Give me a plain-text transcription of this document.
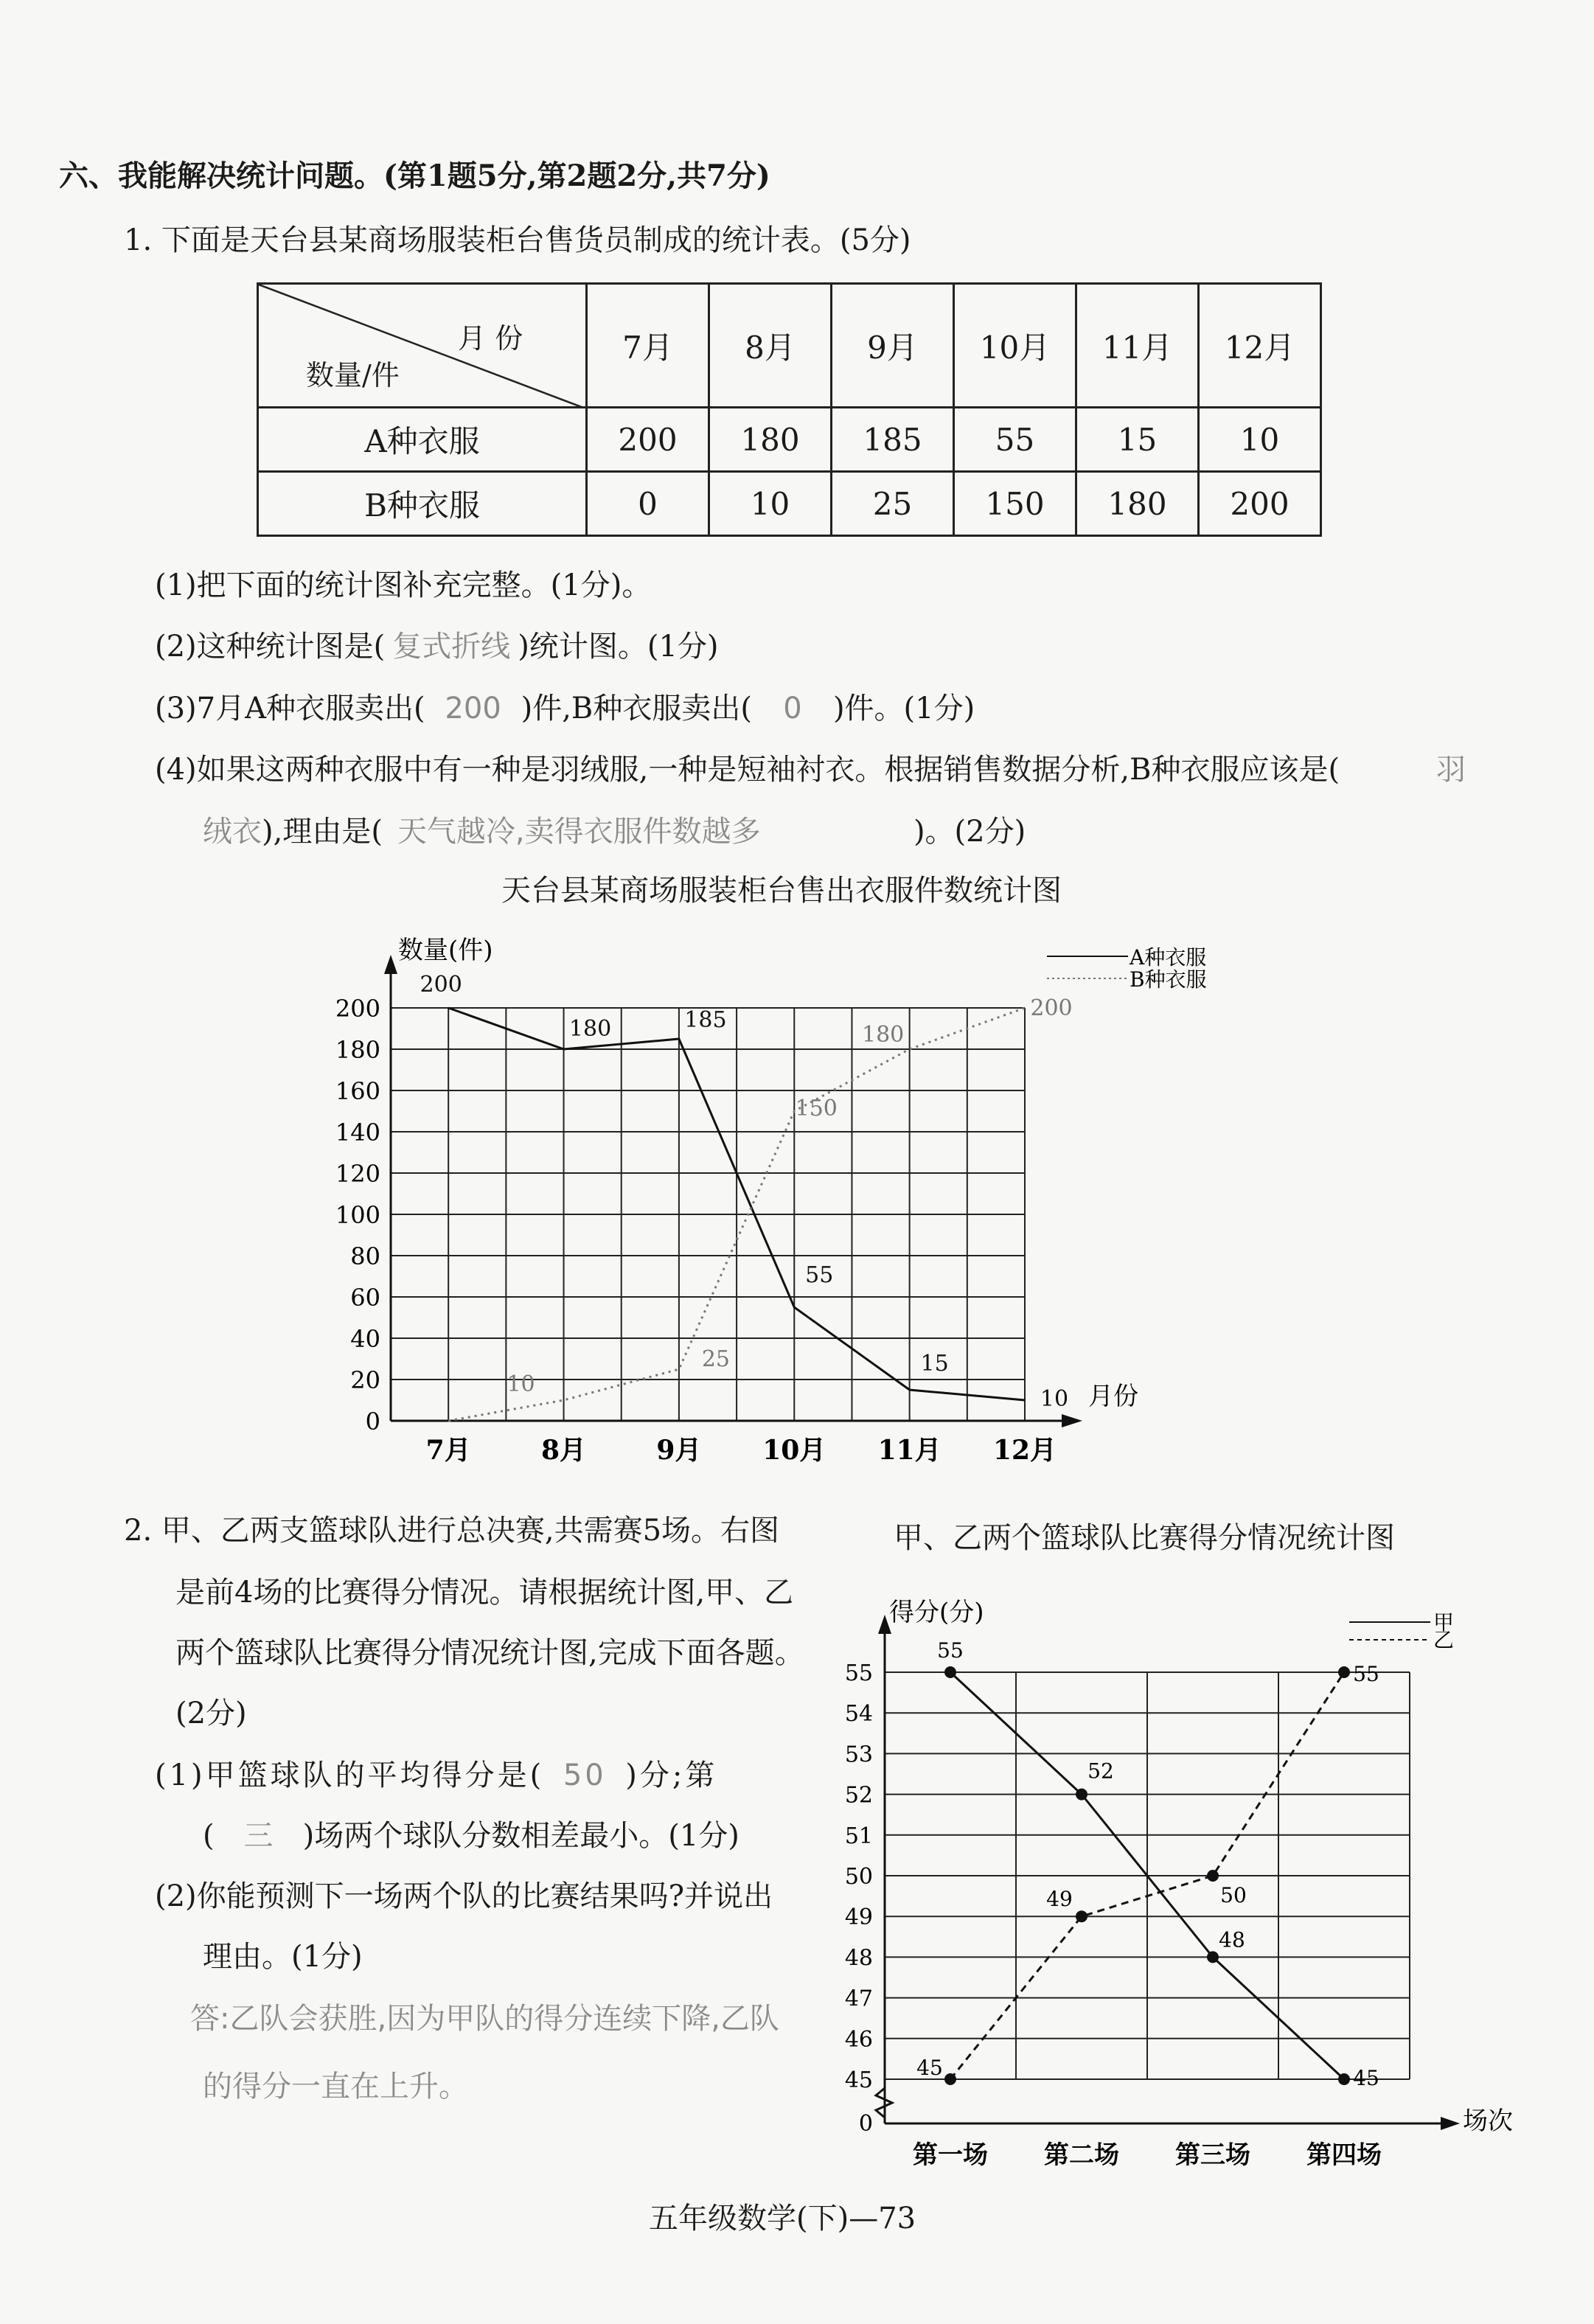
六、我能解决统计问题。(第1题5分,第2题2分,共7分)
1. 下面是天台县某商场服装柜台售货员制成的统计表。(5分)
月 份
数量/件	7月	8月	9月	10月	11月	12月
A种衣服	200	180	185	55	15	10
B种衣服	0	10	25	150	180	200
(1)把下面的统计图补充完整。(1分)。
(2)这种统计图是( 复式折线 )统计图。(1分)
(3)7月A种衣服卖出( 200 )件,B种衣服卖出( 0 )件。(1分)
(4)如果这两种衣服中有一种是羽绒服,一种是短袖衬衣。根据销售数据分析,B种衣服应该是(	羽
绒衣),理由是( 天气越冷,卖得衣服件数越多	)。(2分)
天台县某商场服装柜台售出衣服件数统计图
数量(件)
月份
0
20
40
60
80
100
120
140
160
180
200
7月	8月	9月 10月 11月 12月
200
180	185
55
15
10
10
25
150
180
200
A种衣服
B种衣服
2. 甲、乙两支篮球队进行总决赛,共需赛5场。右图
是前4场的比赛得分情况。请根据统计图,甲、乙
两个篮球队比赛得分情况统计图,完成下面各题。
(2分)
(1)甲篮球队的平均得分是( 50 )分;第
( 三 )场两个球队分数相差最小。(1分)
(2)你能预测下一场两个队的比赛结果吗?并说出
理由。(1分)
答:乙队会获胜,因为甲队的得分连续下降,乙队
的得分一直在上升。
甲、乙两个篮球队比赛得分情况统计图
得分(分)
场次
0
45
46
47
48
49
50
51
52
53
54
55
第一场 第二场 第三场 第四场
55
52
48
45
45
49	50
55
甲
乙
五年级数学(下)—73
